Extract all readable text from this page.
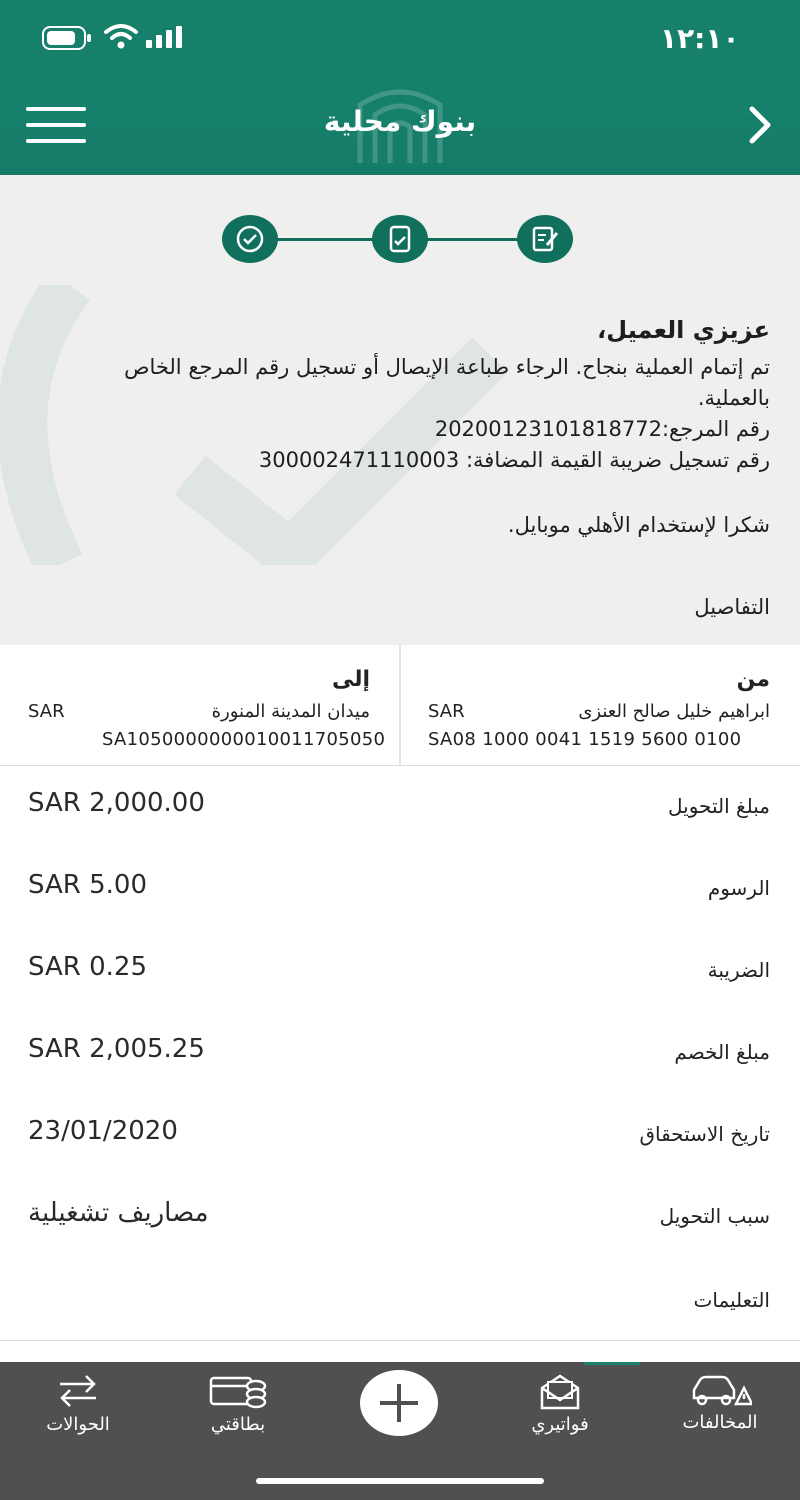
١٢:١٠
بنوك محلية
عزيزي العميل،
تم إتمام العملية بنجاح. الرجاء طباعة الإيصال أو تسجيل رقم المرجع الخاص بالعملية.
رقم المرجع:20200123101818772
رقم تسجيل ضريبة القيمة المضافة: 300002471110003
شكرا لإستخدام الأهلي موبايل.
التفاصيل
من
ابراهيم خليل صالح العنزى
SAR
SA08 1000 0041 1519 5600 0100
إلى
ميدان المدينة المنورة
SAR
SA1050000000010011705050
مبلغ التحويل
SAR 2,000.00
الرسوم
SAR 5.00
الضريبة
SAR 0.25
مبلغ الخصم
SAR 2,005.25
تاريخ الاستحقاق
23/01/2020
سبب التحويل
مصاريف تشغيلية
التعليمات
المخالفات
فواتيري
بطاقتي
الحوالات
